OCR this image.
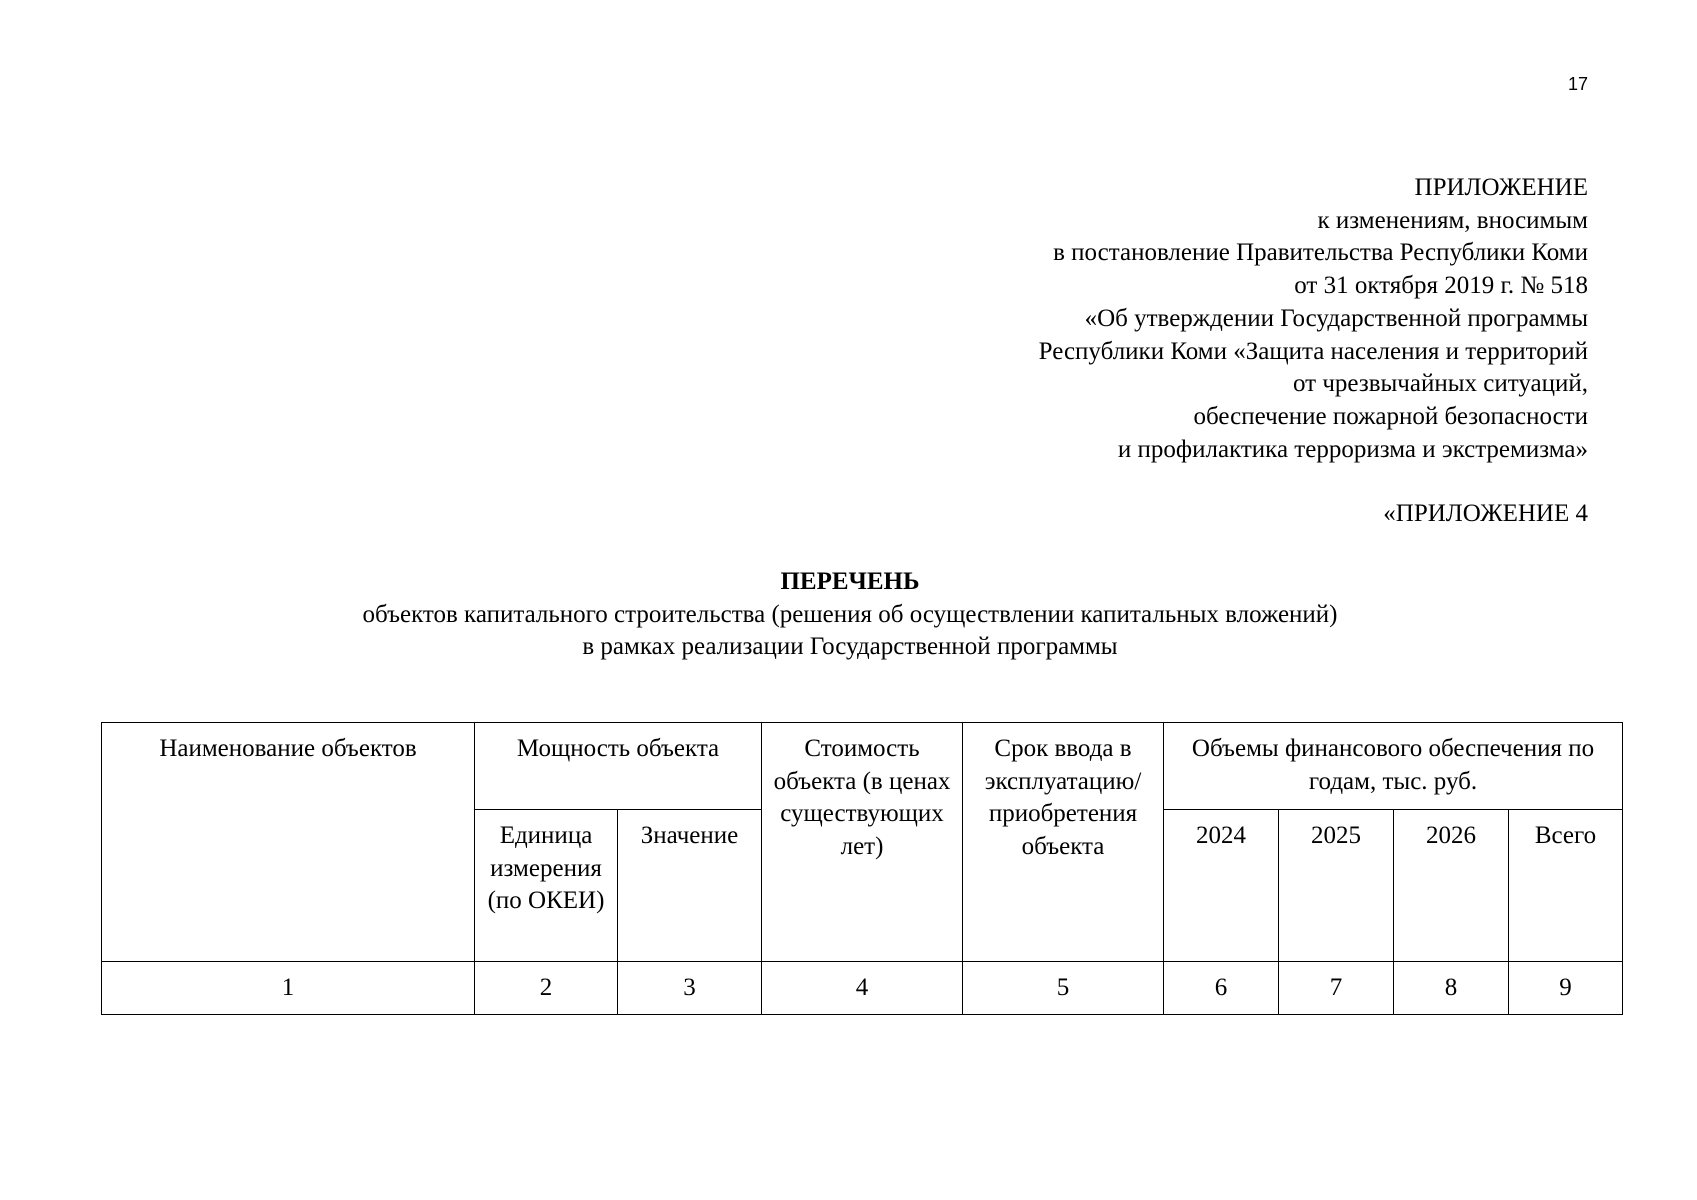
17
ПРИЛОЖЕНИЕ
к изменениям, вносимым
в постановление Правительства Республики Коми
от 31 октября 2019 г. № 518
«Об утверждении Государственной программы
Республики Коми «Защита населения и территорий
от чрезвычайных ситуаций,
обеспечение пожарной безопасности
и профилактика терроризма и экстремизма»
«ПРИЛОЖЕНИЕ 4
ПЕРЕЧЕНЬ
объектов капитального строительства (решения об осуществлении капитальных вложений)
в рамках реализации Государственной программы
Наименование объектов	Мощность объекта		Стоимость объекта (в ценах существующих лет)	Срок ввода в эксплуатацию/ приобретения объекта	Объемы финансового обеспечения по годам, тыс. руб.			
	Единица измерения (по ОКЕИ)	Значение			2024	2025	2026	Всего
1	2	3	4	5	6	7	8	9
